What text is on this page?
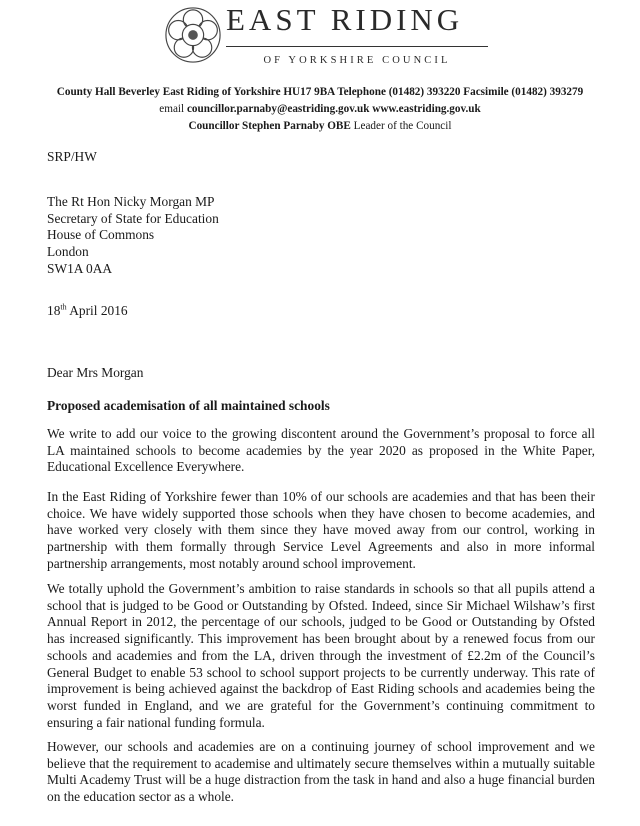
EAST RIDING
OF YORKSHIRE COUNCIL
County Hall Beverley East Riding of Yorkshire HU17 9BA Telephone (01482) 393220 Facsimile (01482) 393279
email councillor.parnaby@eastriding.gov.uk www.eastriding.gov.uk
Councillor Stephen Parnaby OBE Leader of the Council
SRP/HW
The Rt Hon Nicky Morgan MP
Secretary of State for Education
House of Commons
London
SW1A 0AA
18th April 2016
Dear Mrs Morgan
Proposed academisation of all maintained schools
We write to add our voice to the growing discontent around the Government’s proposal to force all LA maintained schools to become academies by the year 2020 as proposed in the White Paper, Educational Excellence Everywhere.
In the East Riding of Yorkshire fewer than 10% of our schools are academies and that has been their choice. We have widely supported those schools when they have chosen to become academies, and have worked very closely with them since they have moved away from our control, working in partnership with them formally through Service Level Agreements and also in more informal partnership arrangements, most notably around school improvement.
We totally uphold the Government’s ambition to raise standards in schools so that all pupils attend a school that is judged to be Good or Outstanding by Ofsted. Indeed, since Sir Michael Wilshaw’s first Annual Report in 2012, the percentage of our schools, judged to be Good or Outstanding by Ofsted has increased significantly. This improvement has been brought about by a renewed focus from our schools and academies and from the LA, driven through the investment of £2.2m of the Council’s General Budget to enable 53 school to school support projects to be currently underway. This rate of improvement is being achieved against the backdrop of East Riding schools and academies being the worst funded in England, and we are grateful for the Government’s continuing commitment to ensuring a fair national funding formula.
However, our schools and academies are on a continuing journey of school improvement and we believe that the requirement to academise and ultimately secure themselves within a mutually suitable Multi Academy Trust will be a huge distraction from the task in hand and also a huge financial burden on the education sector as a whole.
